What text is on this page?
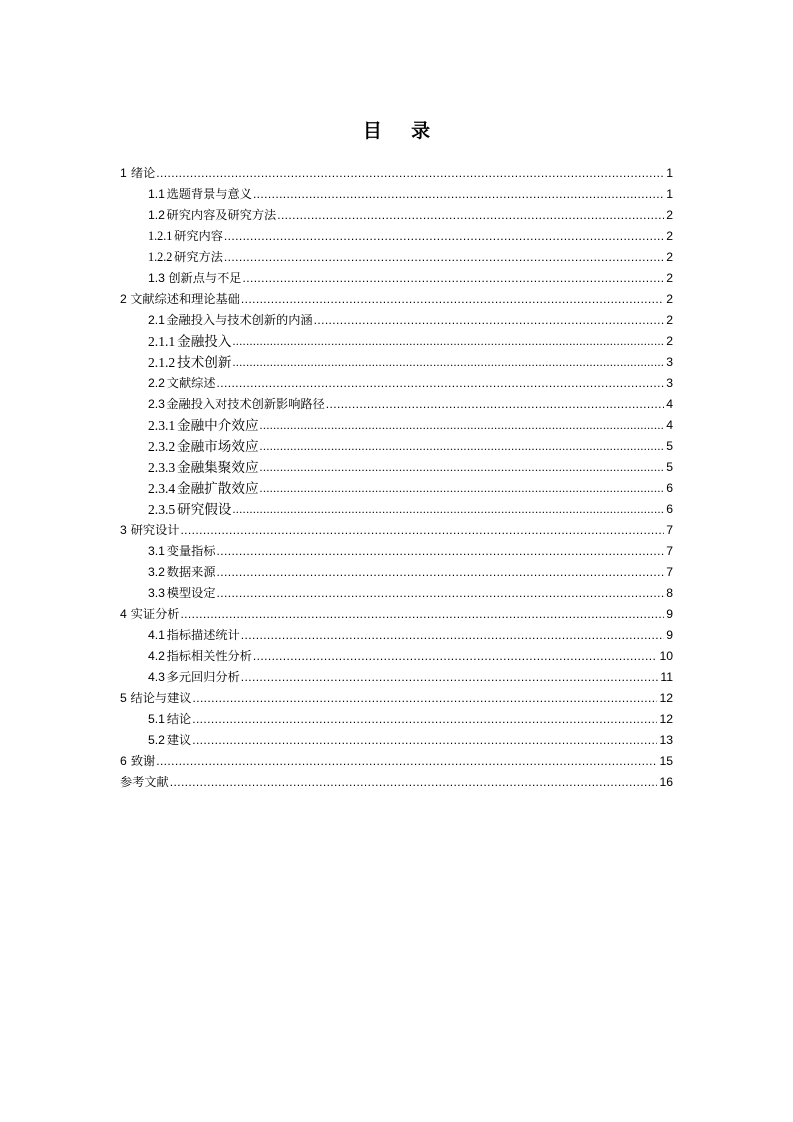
目 录
1 绪论 .....	1
1.1 选题背景与意义 .....	1
1.2 研究内容及研究方法 .....	2
1.2.1 研究内容 .....	2
1.2.2 研究方法 .....	2
1.3 创新点与不足 .....	2
2 文献综述和理论基础 .....	2
2.1 金融投入与技术创新的内涵 .....	2
2.1.1 金融投入 .....	2
2.1.2 技术创新 .....	3
2.2 文献综述 .....	3
2.3 金融投入对技术创新影响路径 .....	4
2.3.1 金融中介效应 .....	4
2.3.2 金融市场效应 .....	5
2.3.3 金融集聚效应 .....	5
2.3.4 金融扩散效应 .....	6
2.3.5 研究假设 .....	6
3 研究设计 .....	7
3.1 变量指标 .....	7
3.2 数据来源 .....	7
3.3 模型设定 .....	8
4 实证分析 .....	9
4.1 指标描述统计 .....	9
4.2 指标相关性分析 .....	10
4.3 多元回归分析 .....	11
5 结论与建议 .....	12
5.1 结论 .....	12
5.2 建议 .....	13
6 致谢 .....	15
参考文献 .....	16
